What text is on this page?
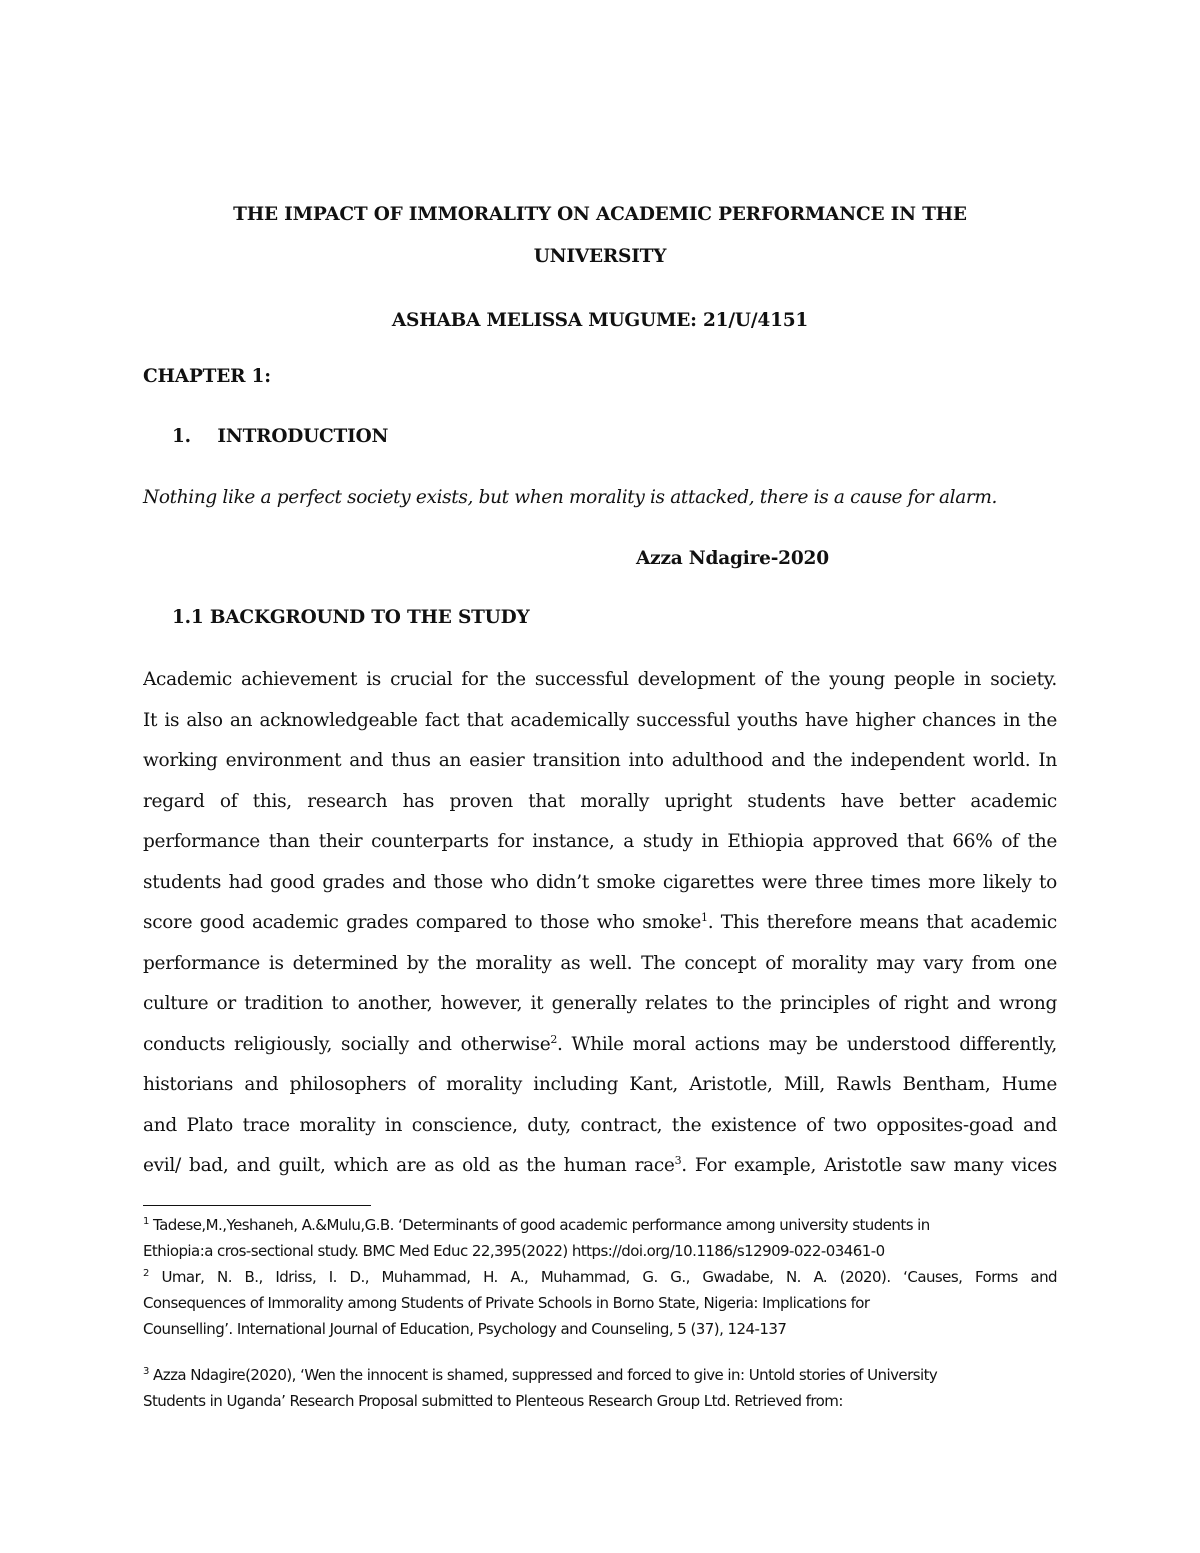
THE IMPACT OF IMMORALITY ON ACADEMIC PERFORMANCE IN THE
UNIVERSITY
ASHABA MELISSA MUGUME: 21/U/4151
CHAPTER 1:
1. INTRODUCTION
Nothing like a perfect society exists, but when morality is attacked, there is a cause for alarm.
Azza Ndagire-2020
1.1 BACKGROUND TO THE STUDY
Academic achievement is crucial for the successful development of the young people in society.
It is also an acknowledgeable fact that academically successful youths have higher chances in the
working environment and thus an easier transition into adulthood and the independent world. In
regard of this, research has proven that morally upright students have better academic
performance than their counterparts for instance, a study in Ethiopia approved that 66% of the
students had good grades and those who didn’t smoke cigarettes were three times more likely to
score good academic grades compared to those who smoke$^1$. This therefore means that academic
performance is determined by the morality as well. The concept of morality may vary from one
culture or tradition to another, however, it generally relates to the principles of right and wrong
conducts religiously, socially and otherwise$^2$. While moral actions may be understood differently,
historians and philosophers of morality including Kant, Aristotle, Mill, Rawls Bentham, Hume
and Plato trace morality in conscience, duty, contract, the existence of two opposites-goad and
evil/ bad, and guilt, which are as old as the human race$^3$. For example, Aristotle saw many vices
$^1$ Tadese,M.,Yeshaneh, A.&Mulu,G.B. ‘Determinants of good academic performance among university students in
Ethiopia:a cros-sectional study. BMC Med Educ 22,395(2022) https://doi.org/10.1186/s12909-022-03461-0
$^2$ Umar, N. B., Idriss, I. D., Muhammad, H. A., Muhammad, G. G., Gwadabe, N. A. (2020). ‘Causes, Forms and
Consequences of Immorality among Students of Private Schools in Borno State, Nigeria: Implications for
Counselling’. International Journal of Education, Psychology and Counseling, 5 (37), 124-137
$^3$ Azza Ndagire(2020), ‘Wen the innocent is shamed, suppressed and forced to give in: Untold stories of University
Students in Uganda’ Research Proposal submitted to Plenteous Research Group Ltd. Retrieved from:
